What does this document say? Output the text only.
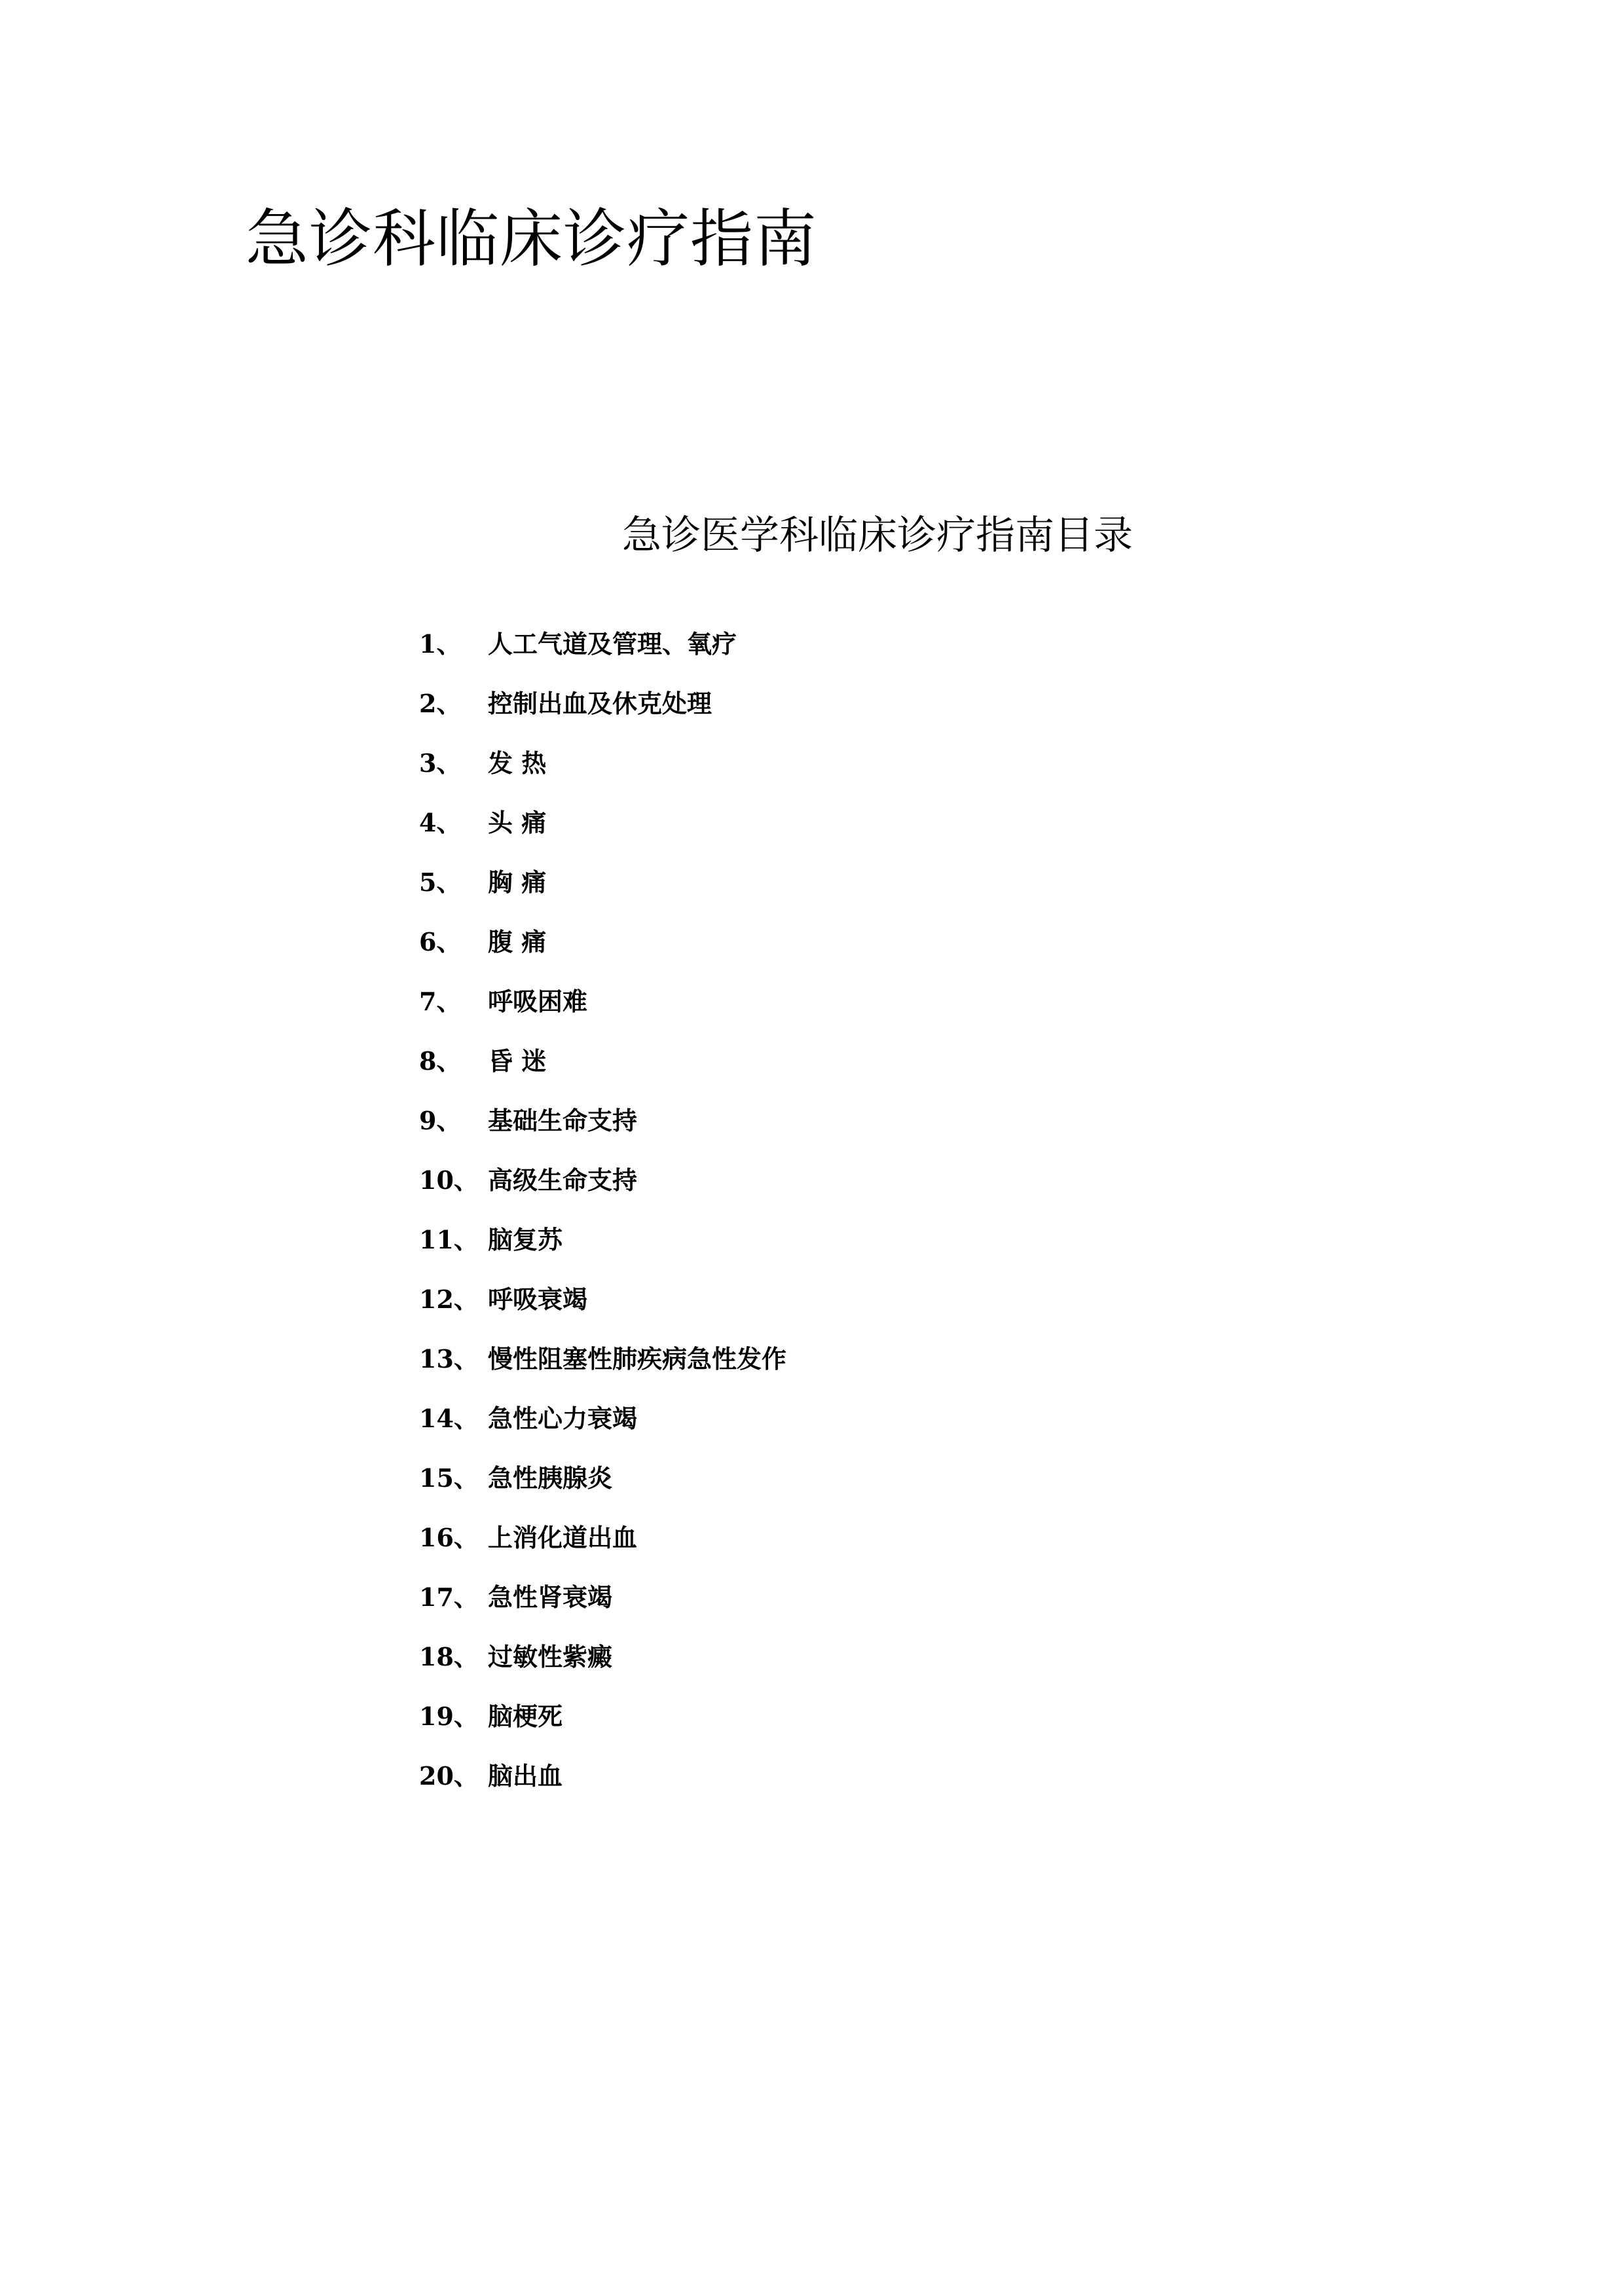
急诊科临床诊疗指南
急诊医学科临床诊疗指南目录
1、	人工气道及管理、氧疗
2、	控制出血及休克处理
3、	发 热
4、	头 痛
5、	胸 痛
6、	腹 痛
7、	呼吸困难
8、	昏 迷
9、	基础生命支持
10、 高级生命支持
11、 脑复苏
12、 呼吸衰竭
13、 慢性阻塞性肺疾病急性发作
14、 急性心力衰竭
15、 急性胰腺炎
16、 上消化道出血
17、 急性肾衰竭
18、 过敏性紫癜
19、 脑梗死
20、 脑出血
